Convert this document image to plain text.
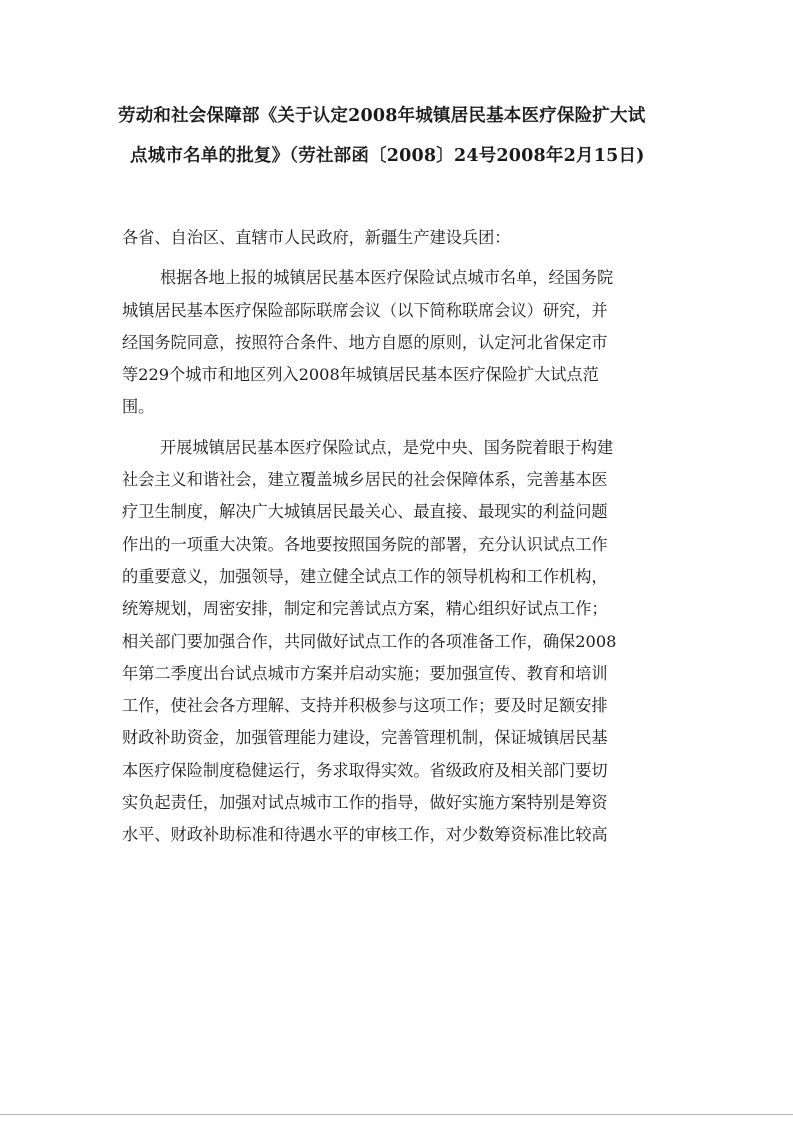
劳动和社会保障部《关于认定2008年城镇居民基本医疗保险扩大试
点城市名单的批复》（劳社部函〔2008〕24号2008年2月15日)
各省、自治区、直辖市人民政府，新疆生产建设兵团：
根据各地上报的城镇居民基本医疗保险试点城市名单，经国务院
城镇居民基本医疗保险部际联席会议（以下简称联席会议）研究，并
经国务院同意，按照符合条件、地方自愿的原则，认定河北省保定市
等229个城市和地区列入2008年城镇居民基本医疗保险扩大试点范
围。
开展城镇居民基本医疗保险试点，是党中央、国务院着眼于构建
社会主义和谐社会，建立覆盖城乡居民的社会保障体系，完善基本医
疗卫生制度，解决广大城镇居民最关心、最直接、最现实的利益问题
作出的一项重大决策。各地要按照国务院的部署，充分认识试点工作
的重要意义，加强领导，建立健全试点工作的领导机构和工作机构，
统筹规划，周密安排，制定和完善试点方案，精心组织好试点工作；
相关部门要加强合作，共同做好试点工作的各项准备工作，确保2008
年第二季度出台试点城市方案并启动实施；要加强宣传、教育和培训
工作，使社会各方理解、支持并积极参与这项工作；要及时足额安排
财政补助资金，加强管理能力建设，完善管理机制，保证城镇居民基
本医疗保险制度稳健运行，务求取得实效。省级政府及相关部门要切
实负起责任，加强对试点城市工作的指导，做好实施方案特别是筹资
水平、财政补助标准和待遇水平的审核工作，对少数筹资标准比较高
